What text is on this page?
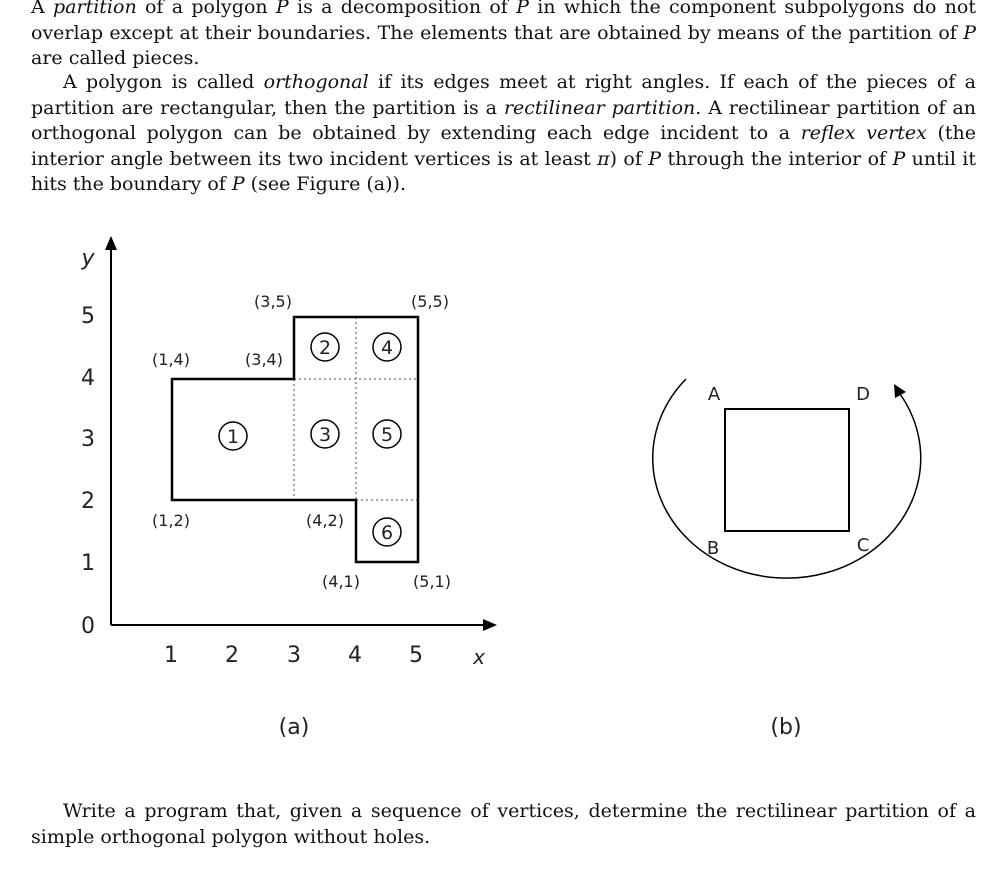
A partition of a polygon P is a decomposition of P in which the component subpolygons do not overlap except at their boundaries. The elements that are obtained by means of the partition of P are called pieces.

A polygon is called orthogonal if its edges meet at right angles. If each of the pieces of a partition are rectangular, then the partition is a rectilinear partition. A rectilinear partition of an orthogonal polygon can be obtained by extending each edge incident to a reflex vertex (the interior angle between its two incident vertices is at least π) of P through the interior of P until it hits the boundary of P (see Figure (a)).

y
x
0
1
2
3
4
5
1 2 3 4 5
(3,5)	(5,5)
(1,4)	(3,4)
(1,2)	(4,2)
(4,1)	(5,1)
1
2
3
4
5
6
(a)
A
B	C
D
(b)

Write a program that, given a sequence of vertices, determine the rectilinear partition of a simple orthogonal polygon without holes.
